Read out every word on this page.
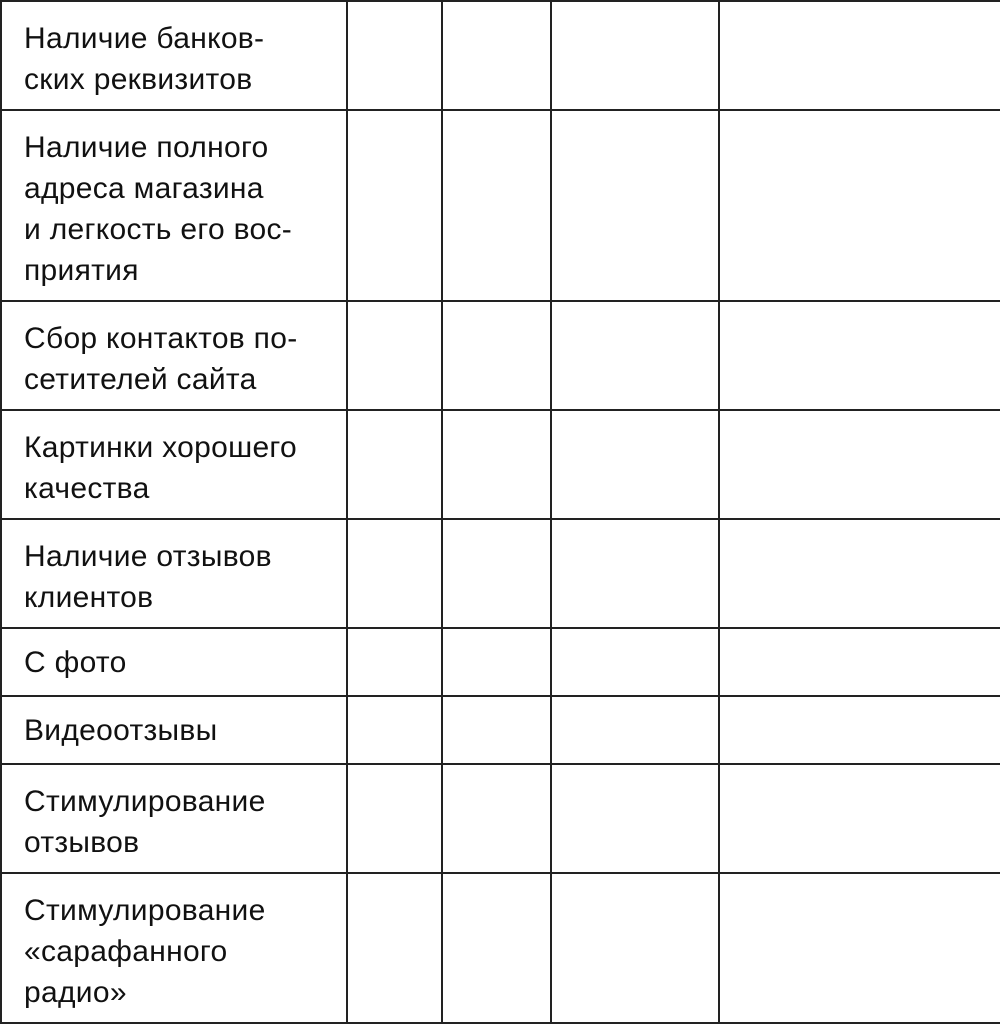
Наличие банков-
ских реквизитов				

Наличие полного
адреса магазина
и легкость его вос-
приятия				

Сбор контактов по-
сетителей сайта				

Картинки хорошего
качества				

Наличие отзывов
клиентов				

С фото				

Видеоотзывы				

Стимулирование
отзывов				

Стимулирование
«сарафанного
радио»				
